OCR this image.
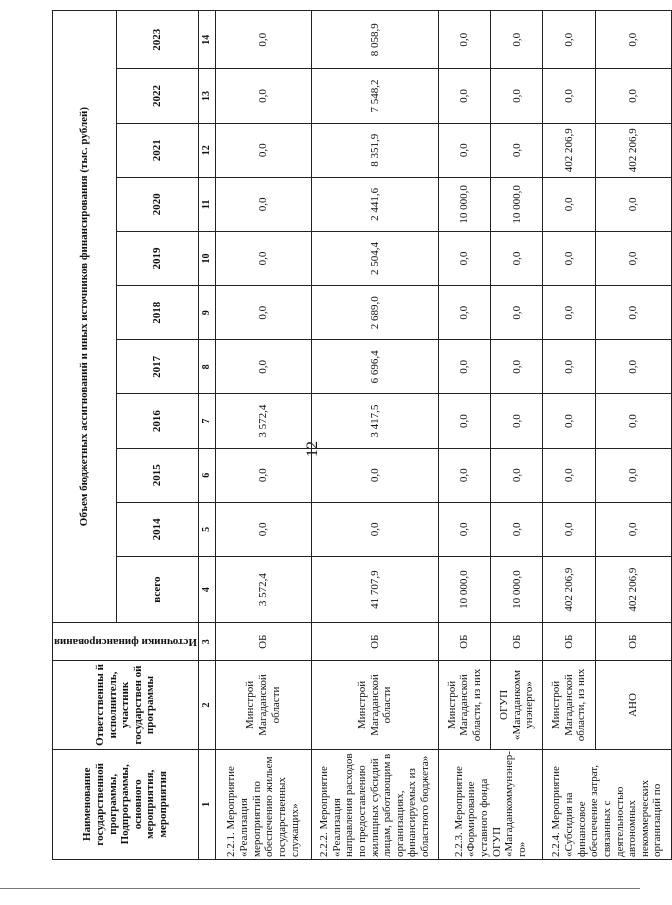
12
Наименование государственной программы, Подпрограммы, основного мероприятия, мероприятия	Ответственны й исполнитель, участник государствен ой программы	Источники финансирования	Объем бюджетных ассигнований и иных источников финансирования (тыс. рублей)										
			всего	2014	2015	2016	2017	2018	2019	2020	2021	2022	2023
1	2	3	4	5	6	7	8	9	10	11	12	13	14
2.2.1. Мероприятие «Реализация мероприятий по обеспечению жильем государственных служащих»	Минстрой Магаданской области	ОБ	3 572,4	0,0	0,0	3 572,4	0,0	0,0	0,0	0,0	0,0	0,0	0,0
2.2.2. Мероприятие «Реализация направления расходов по предоставлению жилищных субсидий лицам, работающим в организациях, финансируемых из областного бюджета»	Минстрой Магаданской области	ОБ	41 707,9	0,0	0,0	3 417,5	6 696,4	2 689,0	2 504,4	2 441,6	8 351,9	7 548,2	8 058,9
2.2.3. Мероприятие «Формирование уставного фонда ОГУП «Магаданкоммунэнер-го»	Минстрой Магаданской области, из них	ОБ	10 000,0	0,0	0,0	0,0	0,0	0,0	0,0	10 000,0	0,0	0,0	0,0
	ОГУП «Магаданкомм унэнерго»	ОБ	10 000,0	0,0	0,0	0,0	0,0	0,0	0,0	10 000,0	0,0	0,0	0,0
2.2.4. Мероприятие «Субсидия на финансовое обеспечение затрат, связанных с деятельностью автономных некоммерческих организаций по	Минстрой Магаданской области, из них	ОБ	402 206,9	0,0	0,0	0,0	0,0	0,0	0,0	0,0	402 206,9	0,0	0,0
	АНО	ОБ	402 206,9	0,0	0,0	0,0	0,0	0,0	0,0	0,0	402 206,9	0,0	0,0
